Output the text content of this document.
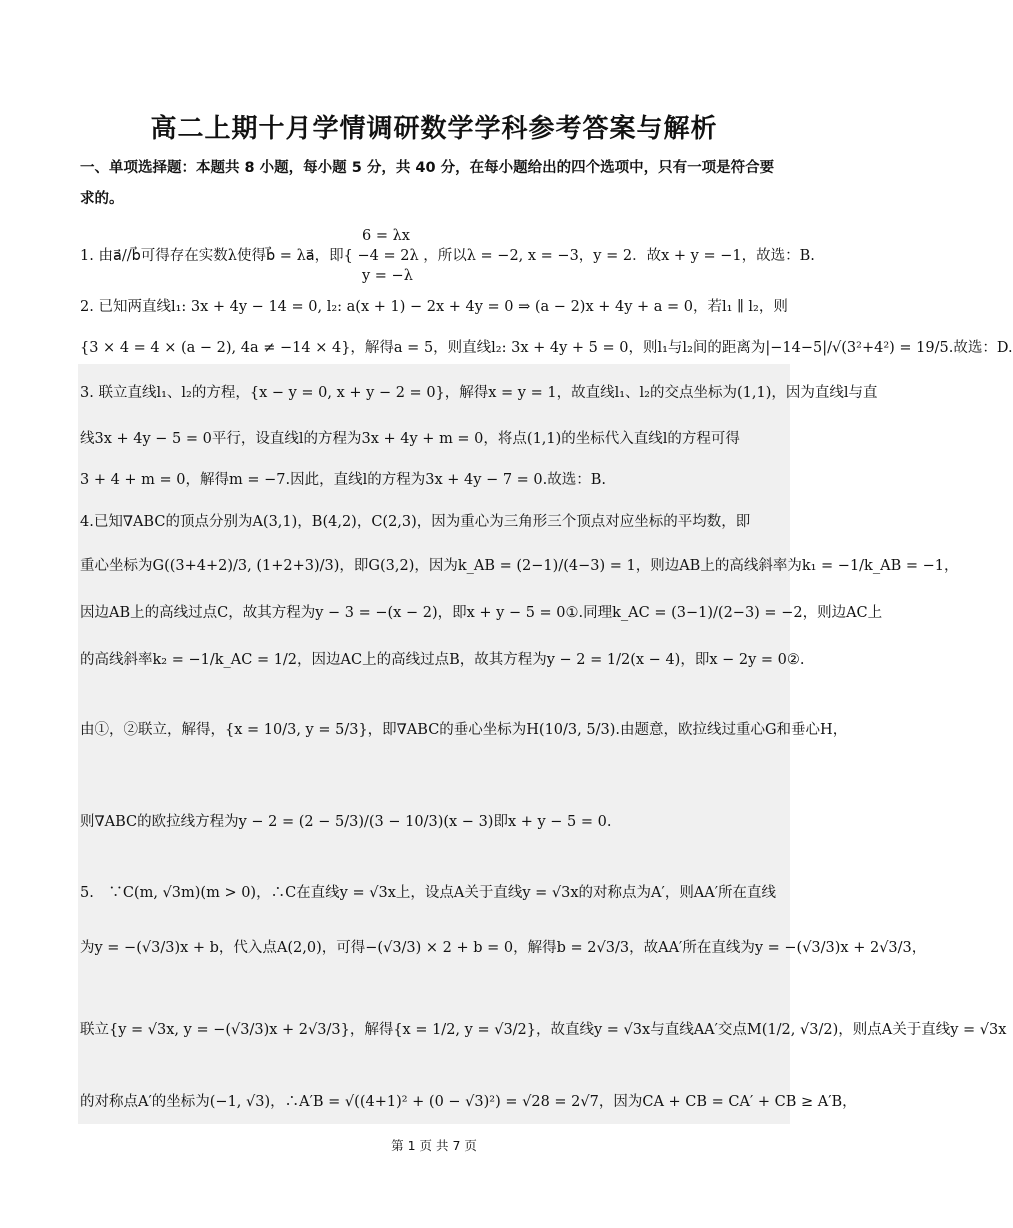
高二上期十月学情调研数学学科参考答案与解析
一、单项选择题：本题共 8 小题，每小题 5 分，共 40 分，在每小题给出的四个选项中，只有一项是符合要
求的。
6 = λx
1. 由a⃗//b⃗可得存在实数λ使得b⃗ = λa⃗，即{ −4 = 2λ ，所以λ = −2, x = −3，y = 2．故x + y = −1，故选：B.
y = −λ
2. 已知两直线l₁: 3x + 4y − 14 = 0, l₂: a(x + 1) − 2x + 4y = 0 ⇒ (a − 2)x + 4y + a = 0，若l₁ ∥ l₂，则
{3 × 4 = 4 × (a − 2), 4a ≠ −14 × 4}，解得a = 5，则直线l₂: 3x + 4y + 5 = 0，则l₁与l₂间的距离为|−14−5|/√(3²+4²) = 19/5.故选：D.
3. 联立直线l₁、l₂的方程，{x − y = 0, x + y − 2 = 0}，解得x = y = 1，故直线l₁、l₂的交点坐标为(1,1)，因为直线l与直
线3x + 4y − 5 = 0平行，设直线l的方程为3x + 4y + m = 0，将点(1,1)的坐标代入直线l的方程可得
3 + 4 + m = 0，解得m = −7.因此，直线l的方程为3x + 4y − 7 = 0.故选：B.
4.已知∇ABC的顶点分别为A(3,1)，B(4,2)，C(2,3)，因为重心为三角形三个顶点对应坐标的平均数，即
重心坐标为G((3+4+2)/3, (1+2+3)/3)，即G(3,2)，因为k_AB = (2−1)/(4−3) = 1，则边AB上的高线斜率为k₁ = −1/k_AB = −1，
因边AB上的高线过点C，故其方程为y − 3 = −(x − 2)，即x + y − 5 = 0①.同理k_AC = (3−1)/(2−3) = −2，则边AC上
的高线斜率k₂ = −1/k_AC = 1/2，因边AC上的高线过点B，故其方程为y − 2 = 1/2(x − 4)，即x − 2y = 0②.
由①，②联立，解得，{x = 10/3, y = 5/3}，即∇ABC的垂心坐标为H(10/3, 5/3).由题意，欧拉线过重心G和垂心H，
则∇ABC的欧拉线方程为y − 2 = (2 − 5/3)/(3 − 10/3)(x − 3)即x + y − 5 = 0.
5.　∵C(m, √3m)(m > 0)，∴C在直线y = √3x上，设点A关于直线y = √3x的对称点为A′，则AA′所在直线
为y = −(√3/3)x + b，代入点A(2,0)，可得−(√3/3) × 2 + b = 0，解得b = 2√3/3，故AA′所在直线为y = −(√3/3)x + 2√3/3，
联立{y = √3x, y = −(√3/3)x + 2√3/3}，解得{x = 1/2, y = √3/2}，故直线y = √3x与直线AA′交点M(1/2, √3/2)，则点A关于直线y = √3x
的对称点A′的坐标为(−1, √3)，∴A′B = √((4+1)² + (0 − √3)²) = √28 = 2√7，因为CA + CB = CA′ + CB ≥ A′B，
第 1 页 共 7 页
